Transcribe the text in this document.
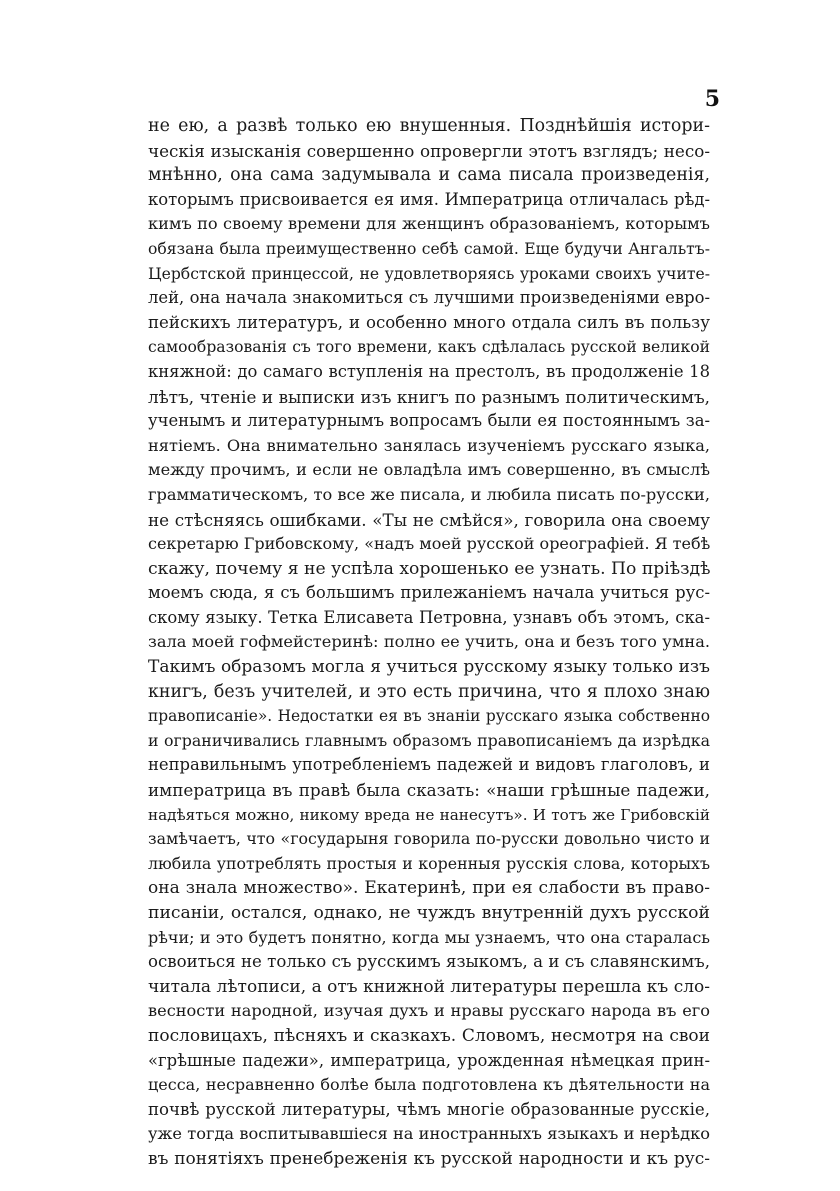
5
не ею, а развѣ только ею внушенныя. Позднѣйшія истори-
ческія изысканія совершенно опровергли этотъ взглядъ; несо-
мнѣнно, она сама задумывала и сама писала произведенія,
которымъ присвоивается ея имя. Императрица отличалась рѣд-
кимъ по своему времени для женщинъ образованіемъ, которымъ
обязана была преимущественно себѣ самой. Еще будучи Ангальтъ-
Цербстской принцессой, не удовлетворяясь уроками своихъ учите-
лей, она начала знакомиться съ лучшими произведеніями евро-
пейскихъ литературъ, и особенно много отдала силъ въ пользу
самообразованія съ того времени, какъ сдѣлалась русской великой
княжной: до самаго вступленія на престолъ, въ продолженіе 18
лѣтъ, чтеніе и выписки изъ книгъ по разнымъ политическимъ,
ученымъ и литературнымъ вопросамъ были ея постояннымъ за-
нятіемъ. Она внимательно занялась изученіемъ русскаго языка,
между прочимъ, и если не овладѣла имъ совершенно, въ смыслѣ
грамматическомъ, то все же писала, и любила писать по-русски,
не стѣсняясь ошибками. «Ты не смѣйся», говорила она своему
секретарю Грибовскому, «надъ моей русской ореографіей. Я тебѣ
скажу, почему я не успѣла хорошенько ее узнать. По пріѣздѣ
моемъ сюда, я съ большимъ прилежаніемъ начала учиться рус-
скому языку. Тетка Елисавета Петровна, узнавъ объ этомъ, ска-
зала моей гофмейстеринѣ: полно ее учить, она и безъ того умна.
Такимъ образомъ могла я учиться русскому языку только изъ
книгъ, безъ учителей, и это есть причина, что я плохо знаю
правописаніе». Недостатки ея въ знаніи русскаго языка собственно
и ограничивались главнымъ образомъ правописаніемъ да изрѣдка
неправильнымъ употребленіемъ падежей и видовъ глаголовъ, и
императрица въ правѣ была сказать: «наши грѣшные падежи,
надѣяться можно, никому вреда не нанесутъ». И тотъ же Грибовскій
замѣчаетъ, что «государыня говорила по-русски довольно чисто и
любила употреблять простыя и коренныя русскія слова, которыхъ
она знала множество». Екатеринѣ, при ея слабости въ право-
писаніи, остался, однако, не чуждъ внутренній духъ русской
рѣчи; и это будетъ понятно, когда мы узнаемъ, что она старалась
освоиться не только съ русскимъ языкомъ, а и съ славянскимъ,
читала лѣтописи, а отъ книжной литературы перешла къ сло-
весности народной, изучая духъ и нравы русскаго народа въ его
пословицахъ, пѣсняхъ и сказкахъ. Словомъ, несмотря на свои
«грѣшные падежи», императрица, урожденная нѣмецкая прин-
цесса, несравненно болѣе была подготовлена къ дѣятельности на
почвѣ русской литературы, чѣмъ многіе образованные русскіе,
уже тогда воспитывавшіеся на иностранныхъ языкахъ и нерѣдко
въ понятіяхъ пренебреженія къ русской народности и къ рус-
